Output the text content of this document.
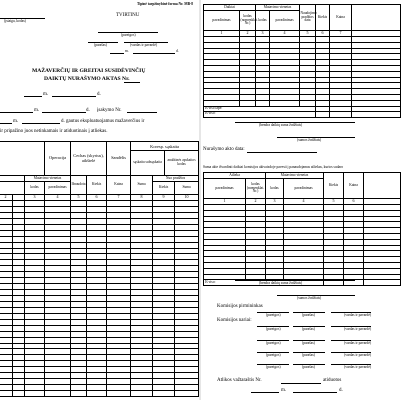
Tipinė tarpžinybinė forma Nr. MB-8
(įstaiga, kodas)
TVIRTINU
(pareigos)
(parašas)	(vardas ir pavardė)
m.	d.
MAŽAVERČIŲ IR GREITAI SUSIDĖVINČIŲ
DAIKTŲ NURAŠYMO AKTAS Nr.
m.	d.
m.	d. įsakymo Nr.
m.	d. gautus eksploatuojamus mažaverčius ir
ir pripažino juos netinkamais ir atiduotinais į atliekas.
			Operacija	Cechas (skyrius), aikštelė		Sandėlis	Koresp. sąskaita
sąskaita subsąskaita analitinės apskaitos kodas		

		Matavimo vienetas		Išnaudota	Kiekis	Kaina	Suma	Nuo pradžios	
		kodas	pavadinimas					Kiekis	Suma
2		3	4	5	6	7	8	9	10

Daiktai		Matavimo vienetas		Naudojimo pradžios data	Kiekis	Kaina	
pavadinimas	kodas (nomenklat. Nr.)	kodas	pavadinimas				
1	2	3	4	5	6	7	

Iš viso lape:							
Iš viso:							
(bendra daiktų suma žodžiais)
(sumos žodžiais)
Nurašymo akto data:
Suma akte išvardinti daiktai komisijos akivaizdoje pavesti į panaudojamas atliekas, kurios sudaro
Atlieka		Matavimo vienetas		Kiekis	Kaina	
pavadinimas	kodas (nomenklat. Nr.)	kodas	pavadinimas			
1	2	3	4	5	6	

Iš viso:							(bendra daiktų suma žodžiais)
(sumos žodžiais)
Komisijos pirmininkas
Komisijos nariai:
(pareigos)	(parašas)	(vardas ir pavardė)
(pareigos)	(parašas)	(vardas ir pavardė)
(pareigos)	(parašas)	(vardas ir pavardė)
(pareigos)	(parašas)	(vardas ir pavardė)
(pareigos)	(parašas)	(vardas ir pavardė)
Atlikos važtaraštis Nr.	atiduotos
m.	d.
